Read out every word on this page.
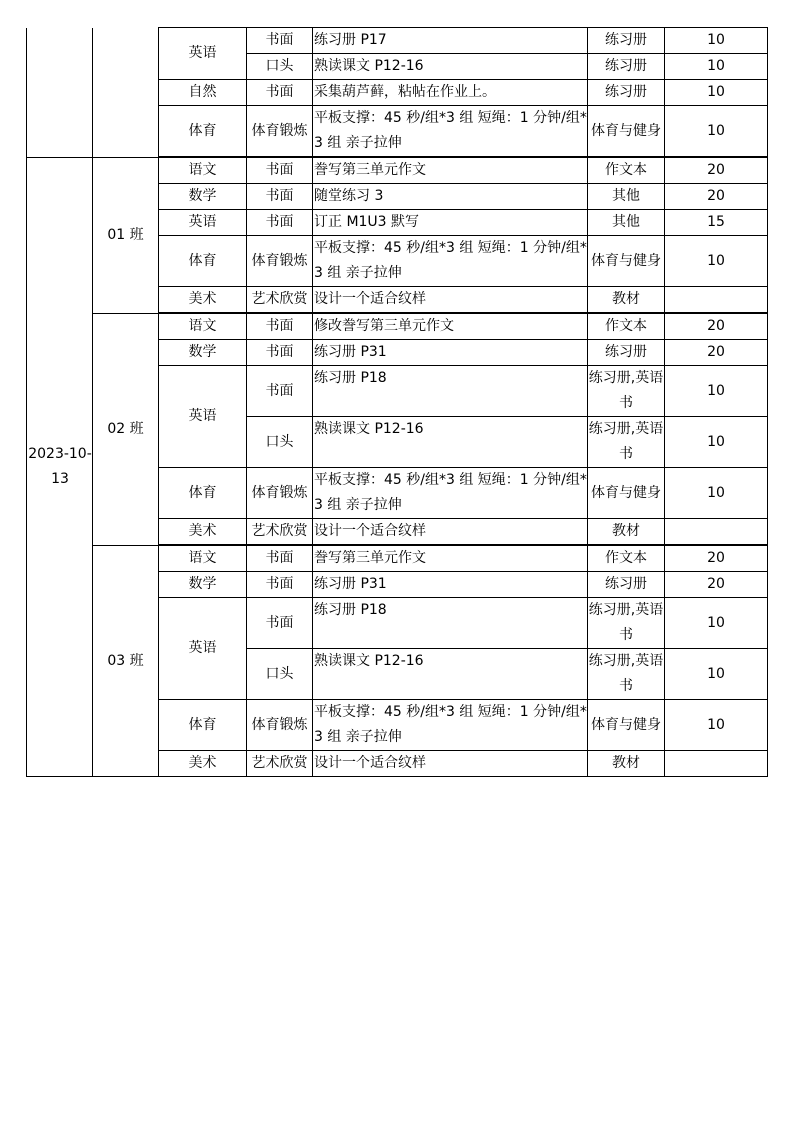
		英语	书面	练习册 P17	练习册	10
			口头	熟读课文 P12-16	练习册	10
		自然	书面	采集葫芦藓，粘帖在作业上。	练习册	10
		体育	体育锻炼	平板支撑：45 秒/组*3 组 短绳：1 分钟/组*3 组 亲子拉伸	体育与健身	10

2023-10-13	01 班	语文	书面	誊写第三单元作文	作文本	20
		数学	书面	随堂练习 3	其他	20
		英语	书面	订正 M1U3 默写	其他	15
		体育	体育锻炼	平板支撑：45 秒/组*3 组 短绳：1 分钟/组*3 组 亲子拉伸	体育与健身	10
		美术	艺术欣赏	设计一个适合纹样	教材	

	02 班	语文	书面	修改誊写第三单元作文	作文本	20
		数学	书面	练习册 P31	练习册	20
		英语	书面	练习册 P18	练习册,英语书	10
			口头	熟读课文 P12-16	练习册,英语书	10
		体育	体育锻炼	平板支撑：45 秒/组*3 组 短绳：1 分钟/组*3 组 亲子拉伸	体育与健身	10
		美术	艺术欣赏	设计一个适合纹样	教材	

	03 班	语文	书面	誊写第三单元作文	作文本	20
		数学	书面	练习册 P31	练习册	20
		英语	书面	练习册 P18	练习册,英语书	10
			口头	熟读课文 P12-16	练习册,英语书	10
		体育	体育锻炼	平板支撑：45 秒/组*3 组 短绳：1 分钟/组*3 组 亲子拉伸	体育与健身	10
		美术	艺术欣赏	设计一个适合纹样	教材	
